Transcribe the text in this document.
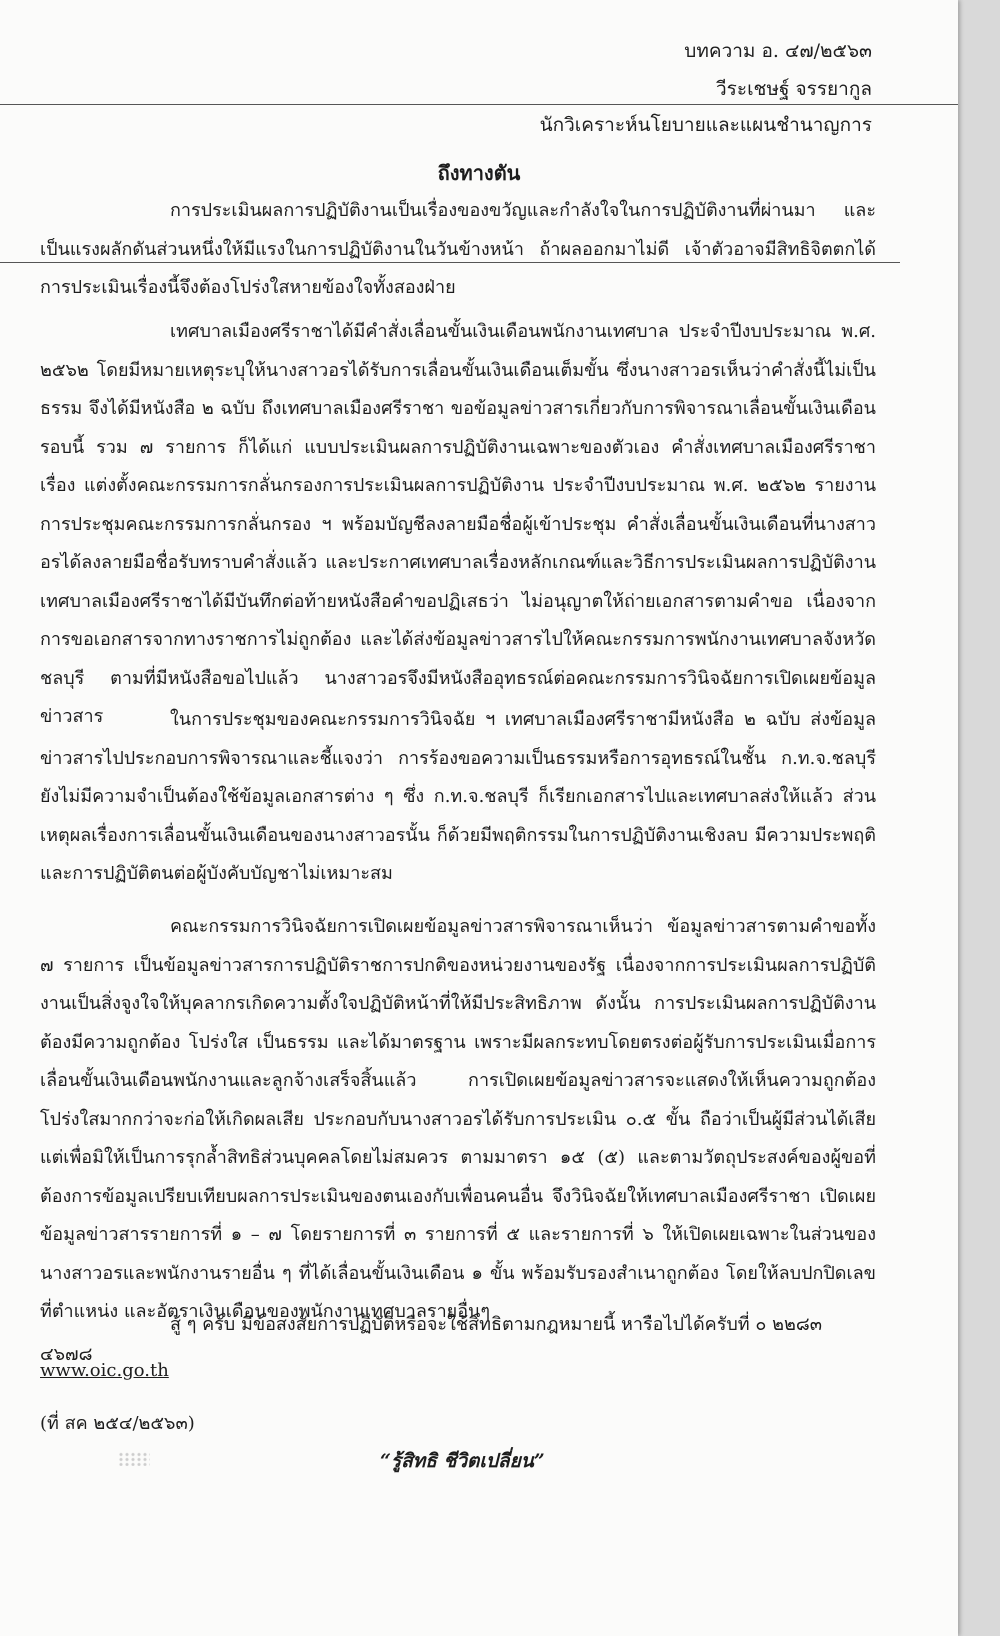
บทความ อ. ๔๗/๒๕๖๓
วีระเชษฐ์ จรรยากูล
นักวิเคราะห์นโยบายและแผนชำนาญการ
ถึงทางตัน

การประเมินผลการปฏิบัติงานเป็นเรื่องของขวัญและกำลังใจในการปฏิบัติงานที่ผ่านมา และเป็นแรงผลักดันส่วนหนึ่งให้มีแรงในการปฏิบัติงานในวันข้างหน้า ถ้าผลออกมาไม่ดี เจ้าตัวอาจมีสิทธิจิตตกได้ การประเมินเรื่องนี้จึงต้องโปร่งใสหายข้องใจทั้งสองฝ่าย

เทศบาลเมืองศรีราชาได้มีคำสั่งเลื่อนขั้นเงินเดือนพนักงานเทศบาล ประจำปีงบประมาณ พ.ศ. ๒๕๖๒ โดยมีหมายเหตุระบุให้นางสาวอรได้รับการเลื่อนขั้นเงินเดือนเต็มขั้น ซึ่งนางสาวอรเห็นว่าคำสั่งนี้ไม่เป็นธรรม จึงได้มีหนังสือ ๒ ฉบับ ถึงเทศบาลเมืองศรีราชา ขอข้อมูลข่าวสารเกี่ยวกับการพิจารณาเลื่อนขั้นเงินเดือนรอบนี้ รวม ๗ รายการ ก็ได้แก่ แบบประเมินผลการปฏิบัติงานเฉพาะของตัวเอง คำสั่งเทศบาลเมืองศรีราชา เรื่อง แต่งตั้งคณะกรรมการกลั่นกรองการประเมินผลการปฏิบัติงาน ประจำปีงบประมาณ พ.ศ. ๒๕๖๒ รายงานการประชุมคณะกรรมการกลั่นกรอง ฯ พร้อมบัญชีลงลายมือชื่อผู้เข้าประชุม คำสั่งเลื่อนขั้นเงินเดือนที่นางสาวอรได้ลงลายมือชื่อรับทราบคำสั่งแล้ว และประกาศเทศบาลเรื่องหลักเกณฑ์และวิธีการประเมินผลการปฏิบัติงาน เทศบาลเมืองศรีราชาได้มีบันทึกต่อท้ายหนังสือคำขอปฏิเสธว่า ไม่อนุญาตให้ถ่ายเอกสารตามคำขอ เนื่องจากการขอเอกสารจากทางราชการไม่ถูกต้อง และได้ส่งข้อมูลข่าวสารไปให้คณะกรรมการพนักงานเทศบาลจังหวัดชลบุรี ตามที่มีหนังสือขอไปแล้ว นางสาวอรจึงมีหนังสืออุทธรณ์ต่อคณะกรรมการวินิจฉัยการเปิดเผยข้อมูลข่าวสาร	ในการประชุมของคณะกรรมการวินิจฉัย ฯ เทศบาลเมืองศรีราชามีหนังสือ ๒ ฉบับ ส่งข้อมูลข่าวสารไปประกอบการพิจารณาและชี้แจงว่า การร้องขอความเป็นธรรมหรือการอุทธรณ์ในชั้น ก.ท.จ.ชลบุรี ยังไม่มีความจำเป็นต้องใช้ข้อมูลเอกสารต่าง ๆ ซึ่ง ก.ท.จ.ชลบุรี ก็เรียกเอกสารไปและเทศบาลส่งให้แล้ว ส่วนเหตุผลเรื่องการเลื่อนขั้นเงินเดือนของนางสาวอรนั้น ก็ด้วยมีพฤติกรรมในการปฏิบัติงานเชิงลบ มีความประพฤติและการปฏิบัติตนต่อผู้บังคับบัญชาไม่เหมาะสม

คณะกรรมการวินิจฉัยการเปิดเผยข้อมูลข่าวสารพิจารณาเห็นว่า ข้อมูลข่าวสารตามคำขอทั้ง ๗ รายการ เป็นข้อมูลข่าวสารการปฏิบัติราชการปกติของหน่วยงานของรัฐ เนื่องจากการประเมินผลการปฏิบัติงานเป็นสิ่งจูงใจให้บุคลากรเกิดความตั้งใจปฏิบัติหน้าที่ให้มีประสิทธิภาพ ดังนั้น การประเมินผลการปฏิบัติงานต้องมีความถูกต้อง โปร่งใส เป็นธรรม และได้มาตรฐาน เพราะมีผลกระทบโดยตรงต่อผู้รับการประเมินเมื่อการเลื่อนขั้นเงินเดือนพนักงานและลูกจ้างเสร็จสิ้นแล้ว การเปิดเผยข้อมูลข่าวสารจะแสดงให้เห็นความถูกต้องโปร่งใสมากกว่าจะก่อให้เกิดผลเสีย ประกอบกับนางสาวอรได้รับการประเมิน ๐.๕ ขั้น ถือว่าเป็นผู้มีส่วนได้เสีย แต่เพื่อมิให้เป็นการรุกล้ำสิทธิส่วนบุคคลโดยไม่สมควร ตามมาตรา ๑๕ (๕) และตามวัตถุประสงค์ของผู้ขอที่ต้องการข้อมูลเปรียบเทียบผลการประเมินของตนเองกับเพื่อนคนอื่น จึงวินิจฉัยให้เทศบาลเมืองศรีราชา เปิดเผยข้อมูลข่าวสารรายการที่ ๑ – ๗ โดยรายการที่ ๓ รายการที่ ๕ และรายการที่ ๖ ให้เปิดเผยเฉพาะในส่วนของนางสาวอรและพนักงานรายอื่น ๆ ที่ได้เลื่อนขั้นเงินเดือน ๑ ขั้น พร้อมรับรองสำเนาถูกต้อง โดยให้ลบปกปิดเลขที่ตำแหน่ง และอัตราเงินเดือนของพนักงานเทศบาลรายอื่นๆ

สู้ ๆ ครับ มีข้อสงสัยการปฏิบัติหรือจะใช้สิทธิตามกฎหมายนี้ หารือไปได้ครับที่ ๐ ๒๒๘๓ ๔๖๗๘

www.oic.go.th
(ที่ สค ๒๕๔/๒๕๖๓)
“รู้สิทธิ ชีวิตเปลี่ยน”
